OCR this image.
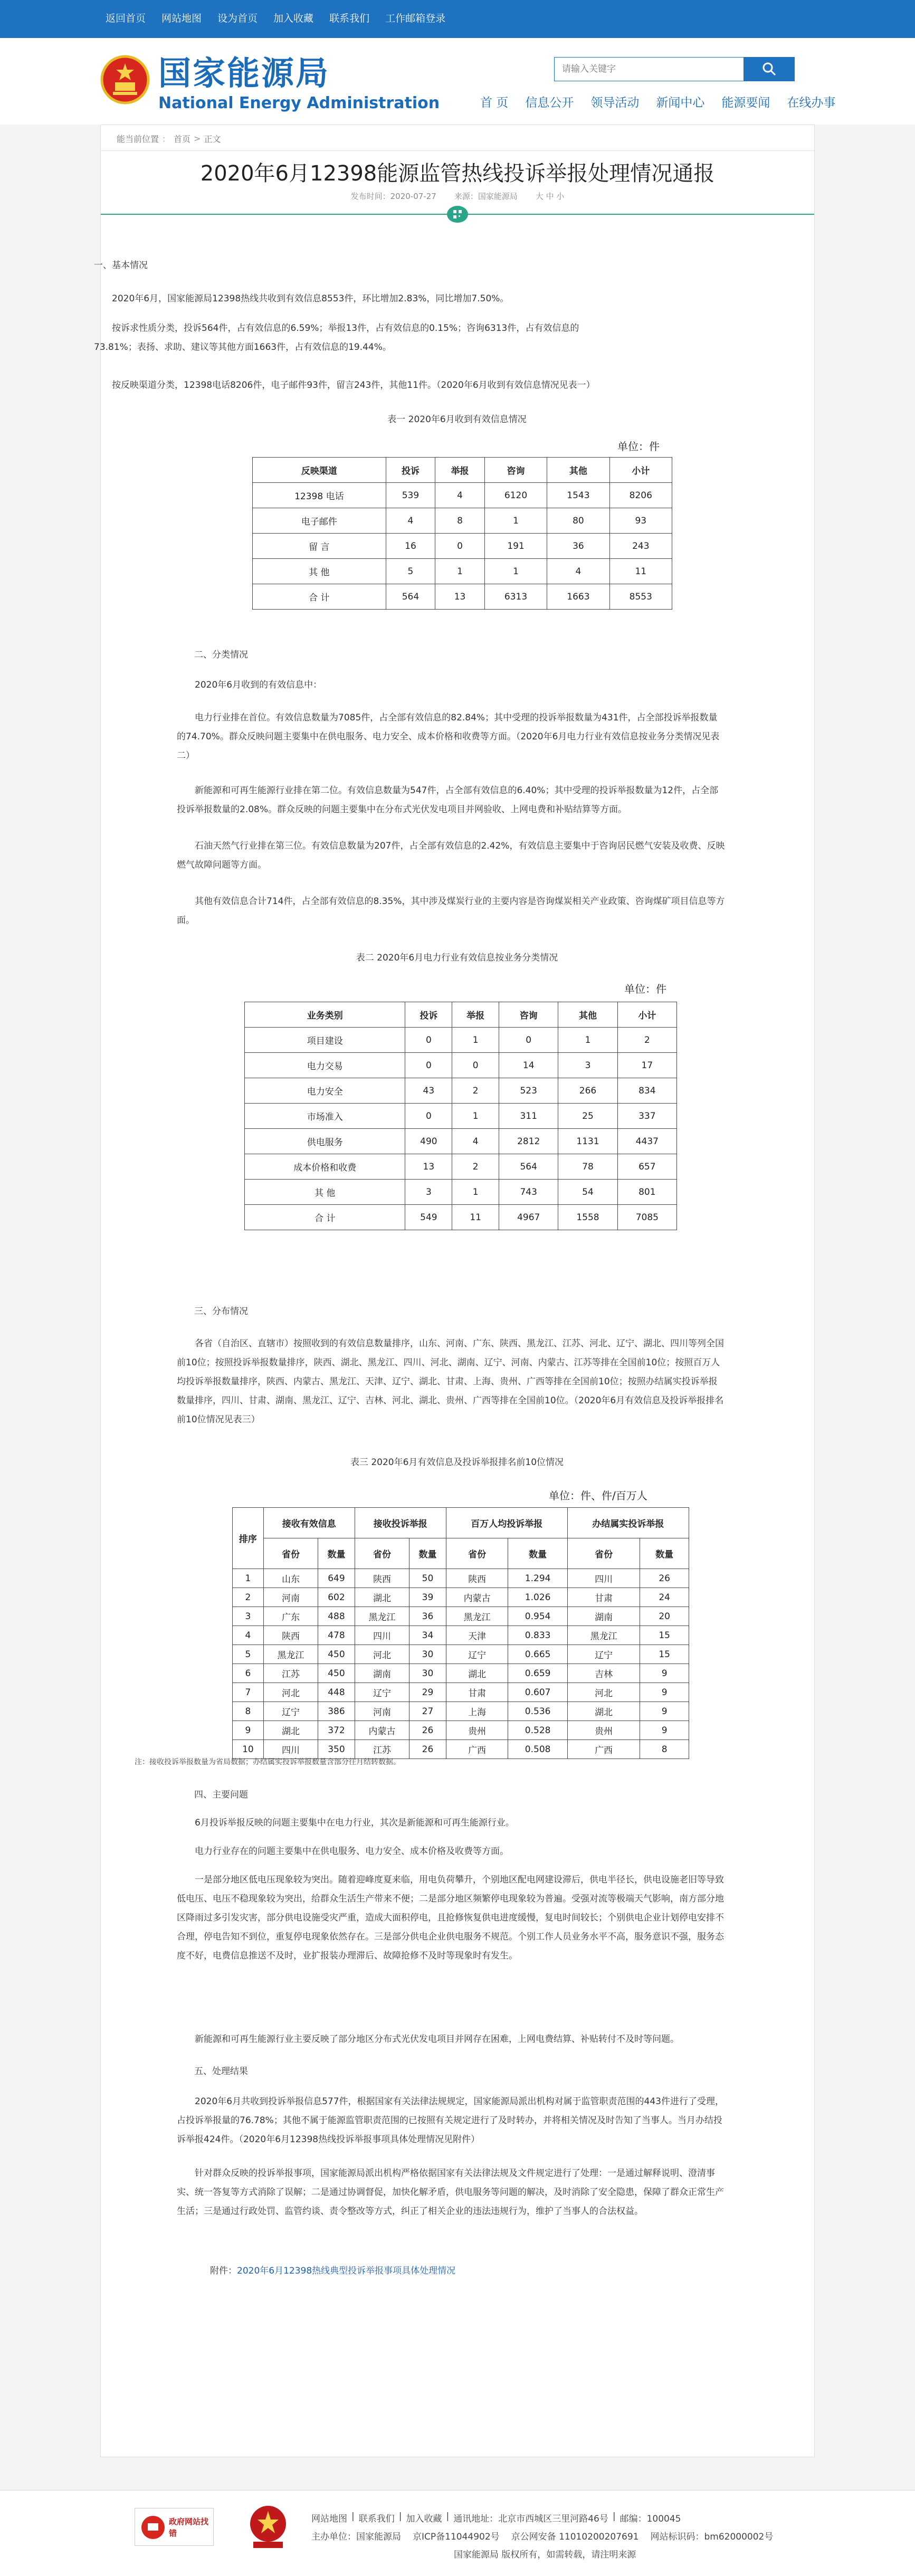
返回首页 网站地图 设为首页 加入收藏 联系我们 工作邮箱登录
国家能源局
National Energy Administration
请输入关键字	首 页 信息公开 领导活动 新闻中心 能源要闻 在线办事
能当前位置 ： 首页 > 正文
2020年6月12398能源监管热线投诉举报处理情况通报
发布时间：2020-07-27 来源：国家能源局 大 中 小
一、基本情况
2020年6月，国家能源局12398热线共收到有效信息8553件，环比增加2.83%，同比增加7.50%。
按诉求性质分类，投诉564件，占有效信息的6.59%；举报13件，占有效信息的0.15%；咨询6313件，占有效信息的73.81%；表扬、求助、建议等其他方面1663件，占有效信息的19.44%。
按反映渠道分类，12398电话8206件，电子邮件93件，留言243件，其他11件。（2020年6月收到有效信息情况见表一）
表一 2020年6月收到有效信息情况
单位：件
反映渠道	投诉	举报	咨询	其他	小计
12398 电话	539	4	6120	1543	8206
电子邮件	4	8	1	80	93
留 言	16	0	191	36	243
其 他	5	1	1	4	11
合 计	564	13	6313	1663	8553
二、分类情况
2020年6月收到的有效信息中：
电力行业排在首位。有效信息数量为7085件，占全部有效信息的82.84%；其中受理的投诉举报数量为431件，占全部投诉举报数量的74.70%。群众反映问题主要集中在供电服务、电力安全、成本价格和收费等方面。（2020年6月电力行业有效信息按业务分类情况见表二）
新能源和可再生能源行业排在第二位。有效信息数量为547件，占全部有效信息的6.40%；其中受理的投诉举报数量为12件，占全部投诉举报数量的2.08%。群众反映的问题主要集中在分布式光伏发电项目并网验收、上网电费和补贴结算等方面。
石油天然气行业排在第三位。有效信息数量为207件，占全部有效信息的2.42%，有效信息主要集中于咨询居民燃气安装及收费、反映燃气故障问题等方面。
其他有效信息合计714件，占全部有效信息的8.35%，其中涉及煤炭行业的主要内容是咨询煤炭相关产业政策、咨询煤矿项目信息等方面。
表二 2020年6月电力行业有效信息按业务分类情况
单位：件
业务类别	投诉	举报	咨询	其他	小计
项目建设	0	1	0	1	2
电力交易	0	0	14	3	17
电力安全	43	2	523	266	834
市场准入	0	1	311	25	337
供电服务	490	4	2812	1131	4437
成本价格和收费	13	2	564	78	657
其 他	3	1	743	54	801
合 计	549	11	4967	1558	7085
三、分布情况
各省（自治区、直辖市）按照收到的有效信息数量排序，山东、河南、广东、陕西、黑龙江、江苏、河北、辽宁、湖北、四川等列全国前10位；按照投诉举报数量排序，陕西、湖北、黑龙江、四川、河北、湖南、辽宁、河南、内蒙古、江苏等排在全国前10位；按照百万人均投诉举报数量排序，陕西、内蒙古、黑龙江、天津、辽宁、湖北、甘肃、上海、贵州、广西等排在全国前10位；按照办结属实投诉举报数量排序，四川、甘肃、湖南、黑龙江、辽宁、吉林、河北、湖北、贵州、广西等排在全国前10位。（2020年6月有效信息及投诉举报排名前10位情况见表三）
表三 2020年6月有效信息及投诉举报排名前10位情况
单位：件、件/百万人
排序	接收有效信息		接收投诉举报		百万人均投诉举报		办结属实投诉举报	
	省份	数量	省份	数量	省份	数量	省份	数量
1	山东	649	陕西	50	陕西	1.294	四川	26
2	河南	602	湖北	39	内蒙古	1.026	甘肃	24
3	广东	488	黑龙江	36	黑龙江	0.954	湖南	20
4	陕西	478	四川	34	天津	0.833	黑龙江	15
5	黑龙江	450	河北	30	辽宁	0.665	辽宁	15
6	江苏	450	湖南	30	湖北	0.659	吉林	9
7	河北	448	辽宁	29	甘肃	0.607	河北	9
8	辽宁	386	河南	27	上海	0.536	湖北	9
9	湖北	372	内蒙古	26	贵州	0.528	贵州	9
10	四川	350	江苏	26	广西	0.508	广西	8
注：接收投诉举报数量为省局数据；办结属实投诉举报数量含部分往月结转数据。
四、主要问题
6月投诉举报反映的问题主要集中在电力行业，其次是新能源和可再生能源行业。
电力行业存在的问题主要集中在供电服务、电力安全、成本价格及收费等方面。
一是部分地区低电压现象较为突出。随着迎峰度夏来临，用电负荷攀升，个别地区配电网建设滞后，供电半径长，供电设施老旧等导致低电压、电压不稳现象较为突出，给群众生活生产带来不便；二是部分地区频繁停电现象较为普遍。受强对流等极端天气影响，南方部分地区降雨过多引发灾害，部分供电设施受灾严重，造成大面积停电，且抢修恢复供电进度缓慢，复电时间较长；个别供电企业计划停电安排不合理，停电告知不到位，重复停电现象依然存在。三是部分供电企业供电服务不规范。个别工作人员业务水平不高，服务意识不强，服务态度不好，电费信息推送不及时，业扩报装办理滞后、故障抢修不及时等现象时有发生。
新能源和可再生能源行业主要反映了部分地区分布式光伏发电项目并网存在困难，上网电费结算、补贴转付不及时等问题。
五、处理结果
2020年6月共收到投诉举报信息577件，根据国家有关法律法规规定，国家能源局派出机构对属于监管职责范围的443件进行了受理，占投诉举报量的76.78%；其他不属于能源监管职责范围的已按照有关规定进行了及时转办，并将相关情况及时告知了当事人。当月办结投诉举报424件。（2020年6月12398热线投诉举报事项具体处理情况见附件）
针对群众反映的投诉举报事项，国家能源局派出机构严格依据国家有关法律法规及文件规定进行了处理：一是通过解释说明、澄清事实、统一答复等方式消除了误解；二是通过协调督促，加快化解矛盾，供电服务等问题的解决，及时消除了安全隐患，保障了群众正常生产生活；三是通过行政处罚、监管约谈、责令整改等方式，纠正了相关企业的违法违规行为，维护了当事人的合法权益。
附件：2020年6月12398热线典型投诉举报事项具体处理情况
政府网站找错
网站地图 | 联系我们 | 加入收藏 | 通讯地址：北京市西城区三里河路46号 | 邮编：100045
主办单位：国家能源局 京ICP备11044902号 京公网安备 11010200207691 网站标识码：bm62000002号
国家能源局 版权所有，如需转载，请注明来源
